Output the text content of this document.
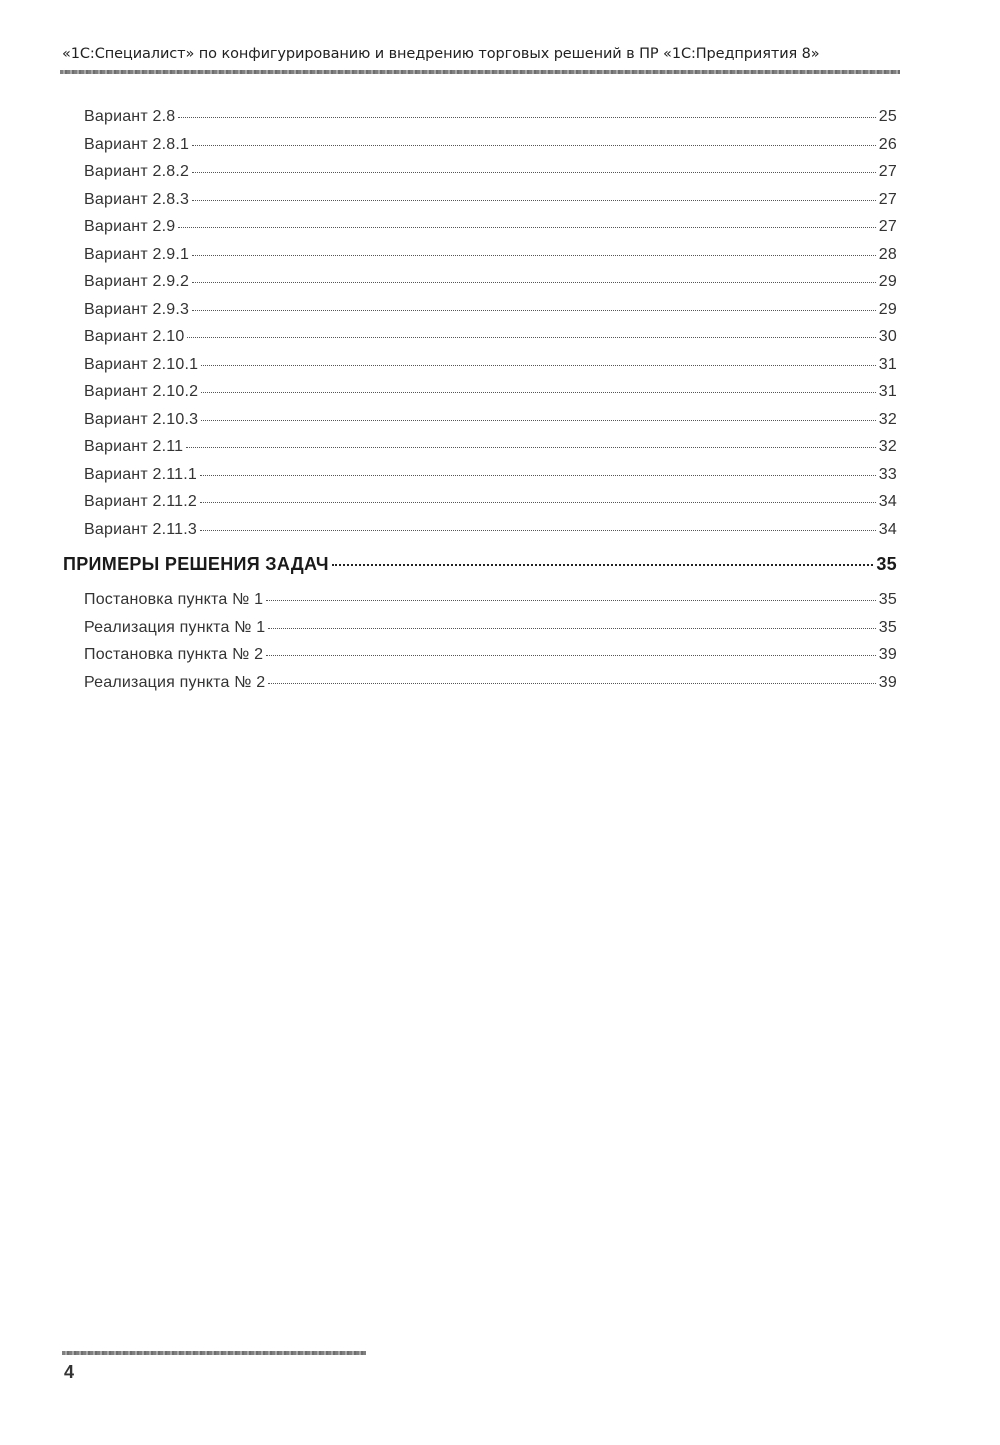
«1С:Специалист» по конфигурированию и внедрению торговых решений в ПР «1С:Предприятия 8»
Вариант 2.8	25
Вариант 2.8.1	26
Вариант 2.8.2	27
Вариант 2.8.3	27
Вариант 2.9	27
Вариант 2.9.1	28
Вариант 2.9.2	29
Вариант 2.9.3	29
Вариант 2.10	30
Вариант 2.10.1	31
Вариант 2.10.2	31
Вариант 2.10.3	32
Вариант 2.11	32
Вариант 2.11.1	33
Вариант 2.11.2	34
Вариант 2.11.3	34
ПРИМЕРЫ РЕШЕНИЯ ЗАДАЧ	35
Постановка пункта № 1	35
Реализация пункта № 1	35
Постановка пункта № 2	39
Реализация пункта № 2	39
4
